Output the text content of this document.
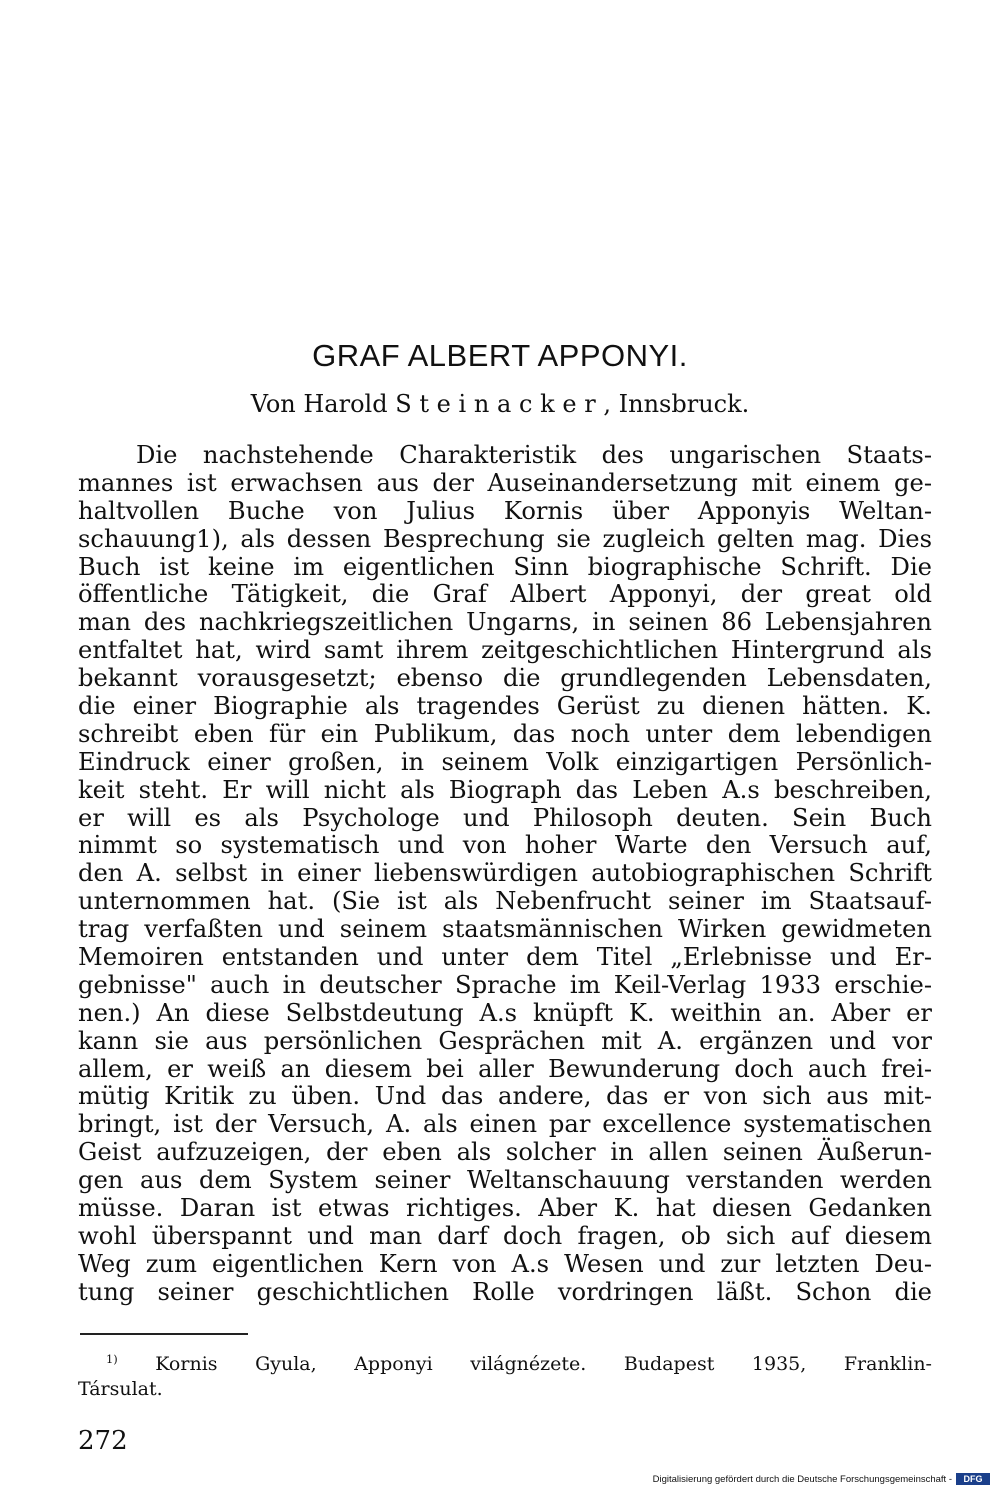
GRAF ALBERT APPONYI.

Von Harold Steinacker, Innsbruck.

Die nachstehende Charakteristik des ungarischen Staats-
mannes ist erwachsen aus der Auseinandersetzung mit einem ge-
haltvollen Buche von Julius Kornis über Apponyis Weltan-
schauung1), als dessen Besprechung sie zugleich gelten mag. Dies
Buch ist keine im eigentlichen Sinn biographische Schrift. Die
öffentliche Tätigkeit, die Graf Albert Apponyi, der great old
man des nachkriegszeitlichen Ungarns, in seinen 86 Lebensjahren
entfaltet hat, wird samt ihrem zeitgeschichtlichen Hintergrund als
bekannt vorausgesetzt; ebenso die grundlegenden Lebensdaten,
die einer Biographie als tragendes Gerüst zu dienen hätten. K.
schreibt eben für ein Publikum, das noch unter dem lebendigen
Eindruck einer großen, in seinem Volk einzigartigen Persönlich-
keit steht. Er will nicht als Biograph das Leben A.s beschreiben,
er will es als Psychologe und Philosoph deuten. Sein Buch
nimmt so systematisch und von hoher Warte den Versuch auf,
den A. selbst in einer liebenswürdigen autobiographischen Schrift
unternommen hat. (Sie ist als Nebenfrucht seiner im Staatsauf-
trag verfaßten und seinem staatsmännischen Wirken gewidmeten
Memoiren entstanden und unter dem Titel „Erlebnisse und Er-
gebnisse" auch in deutscher Sprache im Keil-Verlag 1933 erschie-
nen.) An diese Selbstdeutung A.s knüpft K. weithin an. Aber er
kann sie aus persönlichen Gesprächen mit A. ergänzen und vor
allem, er weiß an diesem bei aller Bewunderung doch auch frei-
mütig Kritik zu üben. Und das andere, das er von sich aus mit-
bringt, ist der Versuch, A. als einen par excellence systematischen
Geist aufzuzeigen, der eben als solcher in allen seinen Äußerun-
gen aus dem System seiner Weltanschauung verstanden werden
müsse. Daran ist etwas richtiges. Aber K. hat diesen Gedanken
wohl überspannt und man darf doch fragen, ob sich auf diesem
Weg zum eigentlichen Kern von A.s Wesen und zur letzten Deu-
tung seiner geschichtlichen Rolle vordringen läßt. Schon die
$^{1)}$ Kornis Gyula, Apponyi világnézete. Budapest 1935, Franklin-
Társulat.

272

Digitalisierung gefördert durch die Deutsche Forschungsgemeinschaft -	DFG
